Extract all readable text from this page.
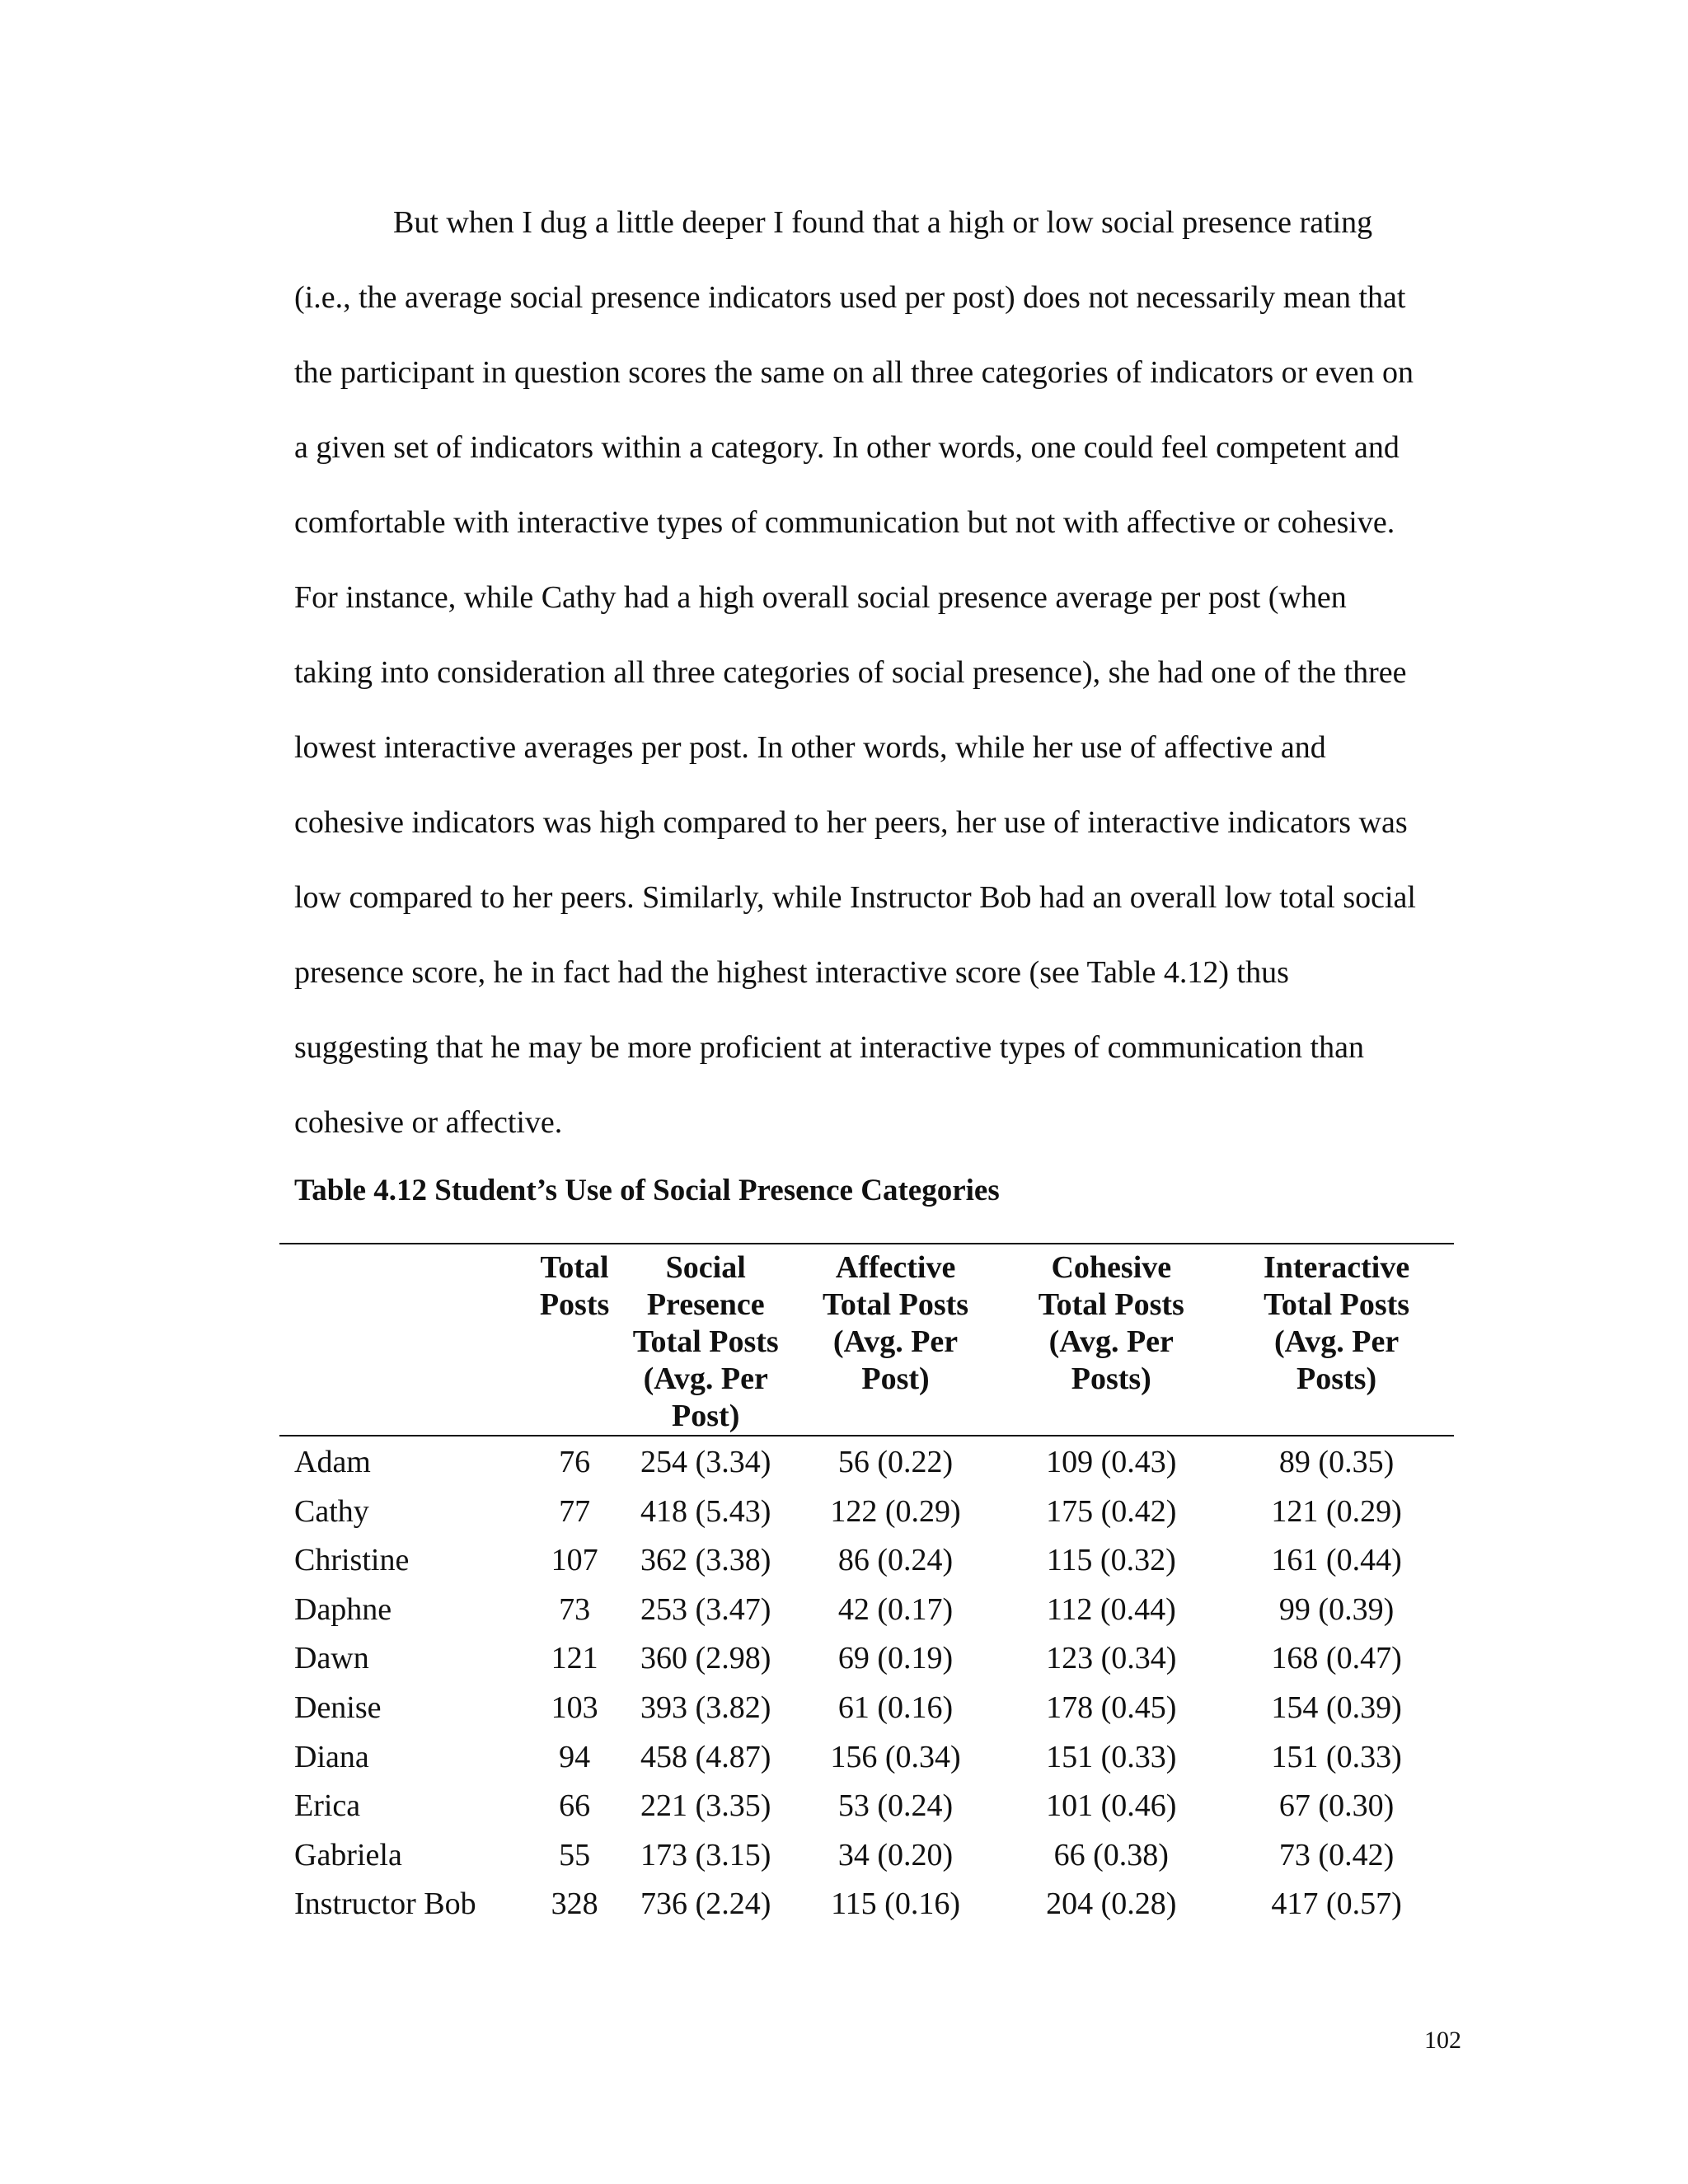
But when I dug a little deeper I found that a high or low social presence rating
(i.e., the average social presence indicators used per post) does not necessarily mean that
the participant in question scores the same on all three categories of indicators or even on
a given set of indicators within a category. In other words, one could feel competent and
comfortable with interactive types of communication but not with affective or cohesive.
For instance, while Cathy had a high overall social presence average per post (when
taking into consideration all three categories of social presence), she had one of the three
lowest interactive averages per post. In other words, while her use of affective and
cohesive indicators was high compared to her peers, her use of interactive indicators was
low compared to her peers. Similarly, while Instructor Bob had an overall low total social
presence score, he in fact had the highest interactive score (see Table 4.12) thus
suggesting that he may be more proficient at interactive types of communication than
cohesive or affective.

Table 4.12 Student’s Use of Social Presence Categories

	Total
Posts	Social
Presence
Total Posts
(Avg. Per
Post)	Affective
Total Posts
(Avg. Per
Post)	Cohesive
Total Posts
(Avg. Per
Posts)	Interactive
Total Posts
(Avg. Per
Posts)

Adam	76	254 (3.34)	56 (0.22)	109 (0.43)	89 (0.35)
Cathy	77	418 (5.43)	122 (0.29)	175 (0.42)	121 (0.29)
Christine	107	362 (3.38)	86 (0.24)	115 (0.32)	161 (0.44)
Daphne	73	253 (3.47)	42 (0.17)	112 (0.44)	99 (0.39)
Dawn	121	360 (2.98)	69 (0.19)	123 (0.34)	168 (0.47)
Denise	103	393 (3.82)	61 (0.16)	178 (0.45)	154 (0.39)
Diana	94	458 (4.87)	156 (0.34)	151 (0.33)	151 (0.33)
Erica	66	221 (3.35)	53 (0.24)	101 (0.46)	67 (0.30)
Gabriela	55	173 (3.15)	34 (0.20)	66 (0.38)	73 (0.42)
Instructor Bob	328	736 (2.24)	115 (0.16)	204 (0.28)	417 (0.57)
102
